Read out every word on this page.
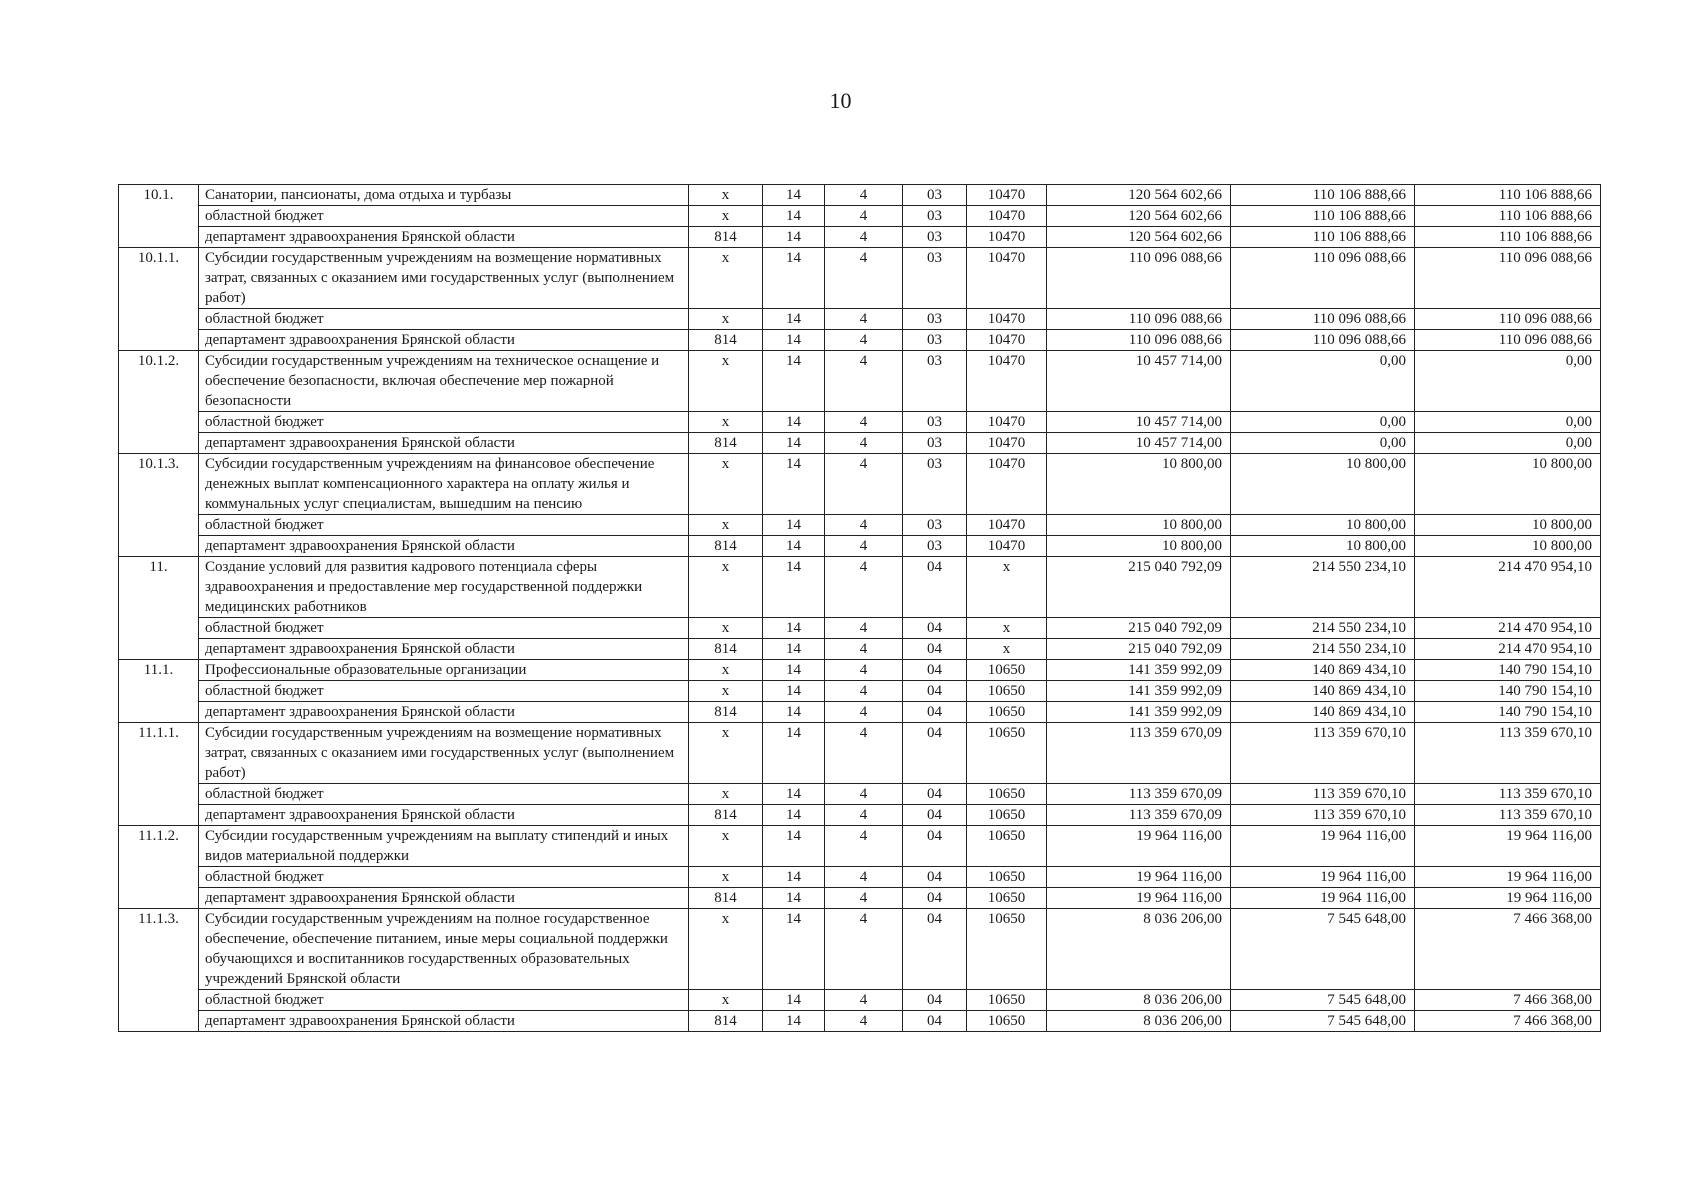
10
10.1.	Санатории, пансионаты, дома отдыха и турбазы	х	14	4	03	10470	120 564 602,66	110 106 888,66	110 106 888,66
	областной бюджет	х	14	4	03	10470	120 564 602,66	110 106 888,66	110 106 888,66
	департамент здравоохранения Брянской области	814	14	4	03	10470	120 564 602,66	110 106 888,66	110 106 888,66
10.1.1.	Субсидии государственным учреждениям на возмещение нормативных затрат, связанных с оказанием ими государственных услуг (выполнением работ)	х	14	4	03	10470	110 096 088,66	110 096 088,66	110 096 088,66
	областной бюджет	х	14	4	03	10470	110 096 088,66	110 096 088,66	110 096 088,66
	департамент здравоохранения Брянской области	814	14	4	03	10470	110 096 088,66	110 096 088,66	110 096 088,66
10.1.2.	Субсидии государственным учреждениям на техническое оснащение и обеспечение безопасности, включая обеспечение мер пожарной безопасности	х	14	4	03	10470	10 457 714,00	0,00	0,00
	областной бюджет	х	14	4	03	10470	10 457 714,00	0,00	0,00
	департамент здравоохранения Брянской области	814	14	4	03	10470	10 457 714,00	0,00	0,00
10.1.3.	Субсидии государственным учреждениям на финансовое обеспечение денежных выплат компенсационного характера на оплату жилья и коммунальных услуг специалистам, вышедшим на пенсию	х	14	4	03	10470	10 800,00	10 800,00	10 800,00
	областной бюджет	х	14	4	03	10470	10 800,00	10 800,00	10 800,00
	департамент здравоохранения Брянской области	814	14	4	03	10470	10 800,00	10 800,00	10 800,00
11.	Создание условий для развития кадрового потенциала сферы здравоохранения и предоставление мер государственной поддержки медицинских работников	х	14	4	04	х	215 040 792,09	214 550 234,10	214 470 954,10
	областной бюджет	х	14	4	04	х	215 040 792,09	214 550 234,10	214 470 954,10
	департамент здравоохранения Брянской области	814	14	4	04	х	215 040 792,09	214 550 234,10	214 470 954,10
11.1.	Профессиональные образовательные организации	х	14	4	04	10650	141 359 992,09	140 869 434,10	140 790 154,10
	областной бюджет	х	14	4	04	10650	141 359 992,09	140 869 434,10	140 790 154,10
	департамент здравоохранения Брянской области	814	14	4	04	10650	141 359 992,09	140 869 434,10	140 790 154,10
11.1.1.	Субсидии государственным учреждениям на возмещение нормативных затрат, связанных с оказанием ими государственных услуг (выполнением работ)	х	14	4	04	10650	113 359 670,09	113 359 670,10	113 359 670,10
	областной бюджет	х	14	4	04	10650	113 359 670,09	113 359 670,10	113 359 670,10
	департамент здравоохранения Брянской области	814	14	4	04	10650	113 359 670,09	113 359 670,10	113 359 670,10
11.1.2.	Субсидии государственным учреждениям на выплату стипендий и иных видов материальной поддержки	х	14	4	04	10650	19 964 116,00	19 964 116,00	19 964 116,00
	областной бюджет	х	14	4	04	10650	19 964 116,00	19 964 116,00	19 964 116,00
	департамент здравоохранения Брянской области	814	14	4	04	10650	19 964 116,00	19 964 116,00	19 964 116,00
11.1.3.	Субсидии государственным учреждениям на полное государственное обеспечение, обеспечение питанием, иные меры социальной поддержки обучающихся и воспитанников государственных образовательных учреждений Брянской области	х	14	4	04	10650	8 036 206,00	7 545 648,00	7 466 368,00
	областной бюджет	х	14	4	04	10650	8 036 206,00	7 545 648,00	7 466 368,00
	департамент здравоохранения Брянской области	814	14	4	04	10650	8 036 206,00	7 545 648,00	7 466 368,00
